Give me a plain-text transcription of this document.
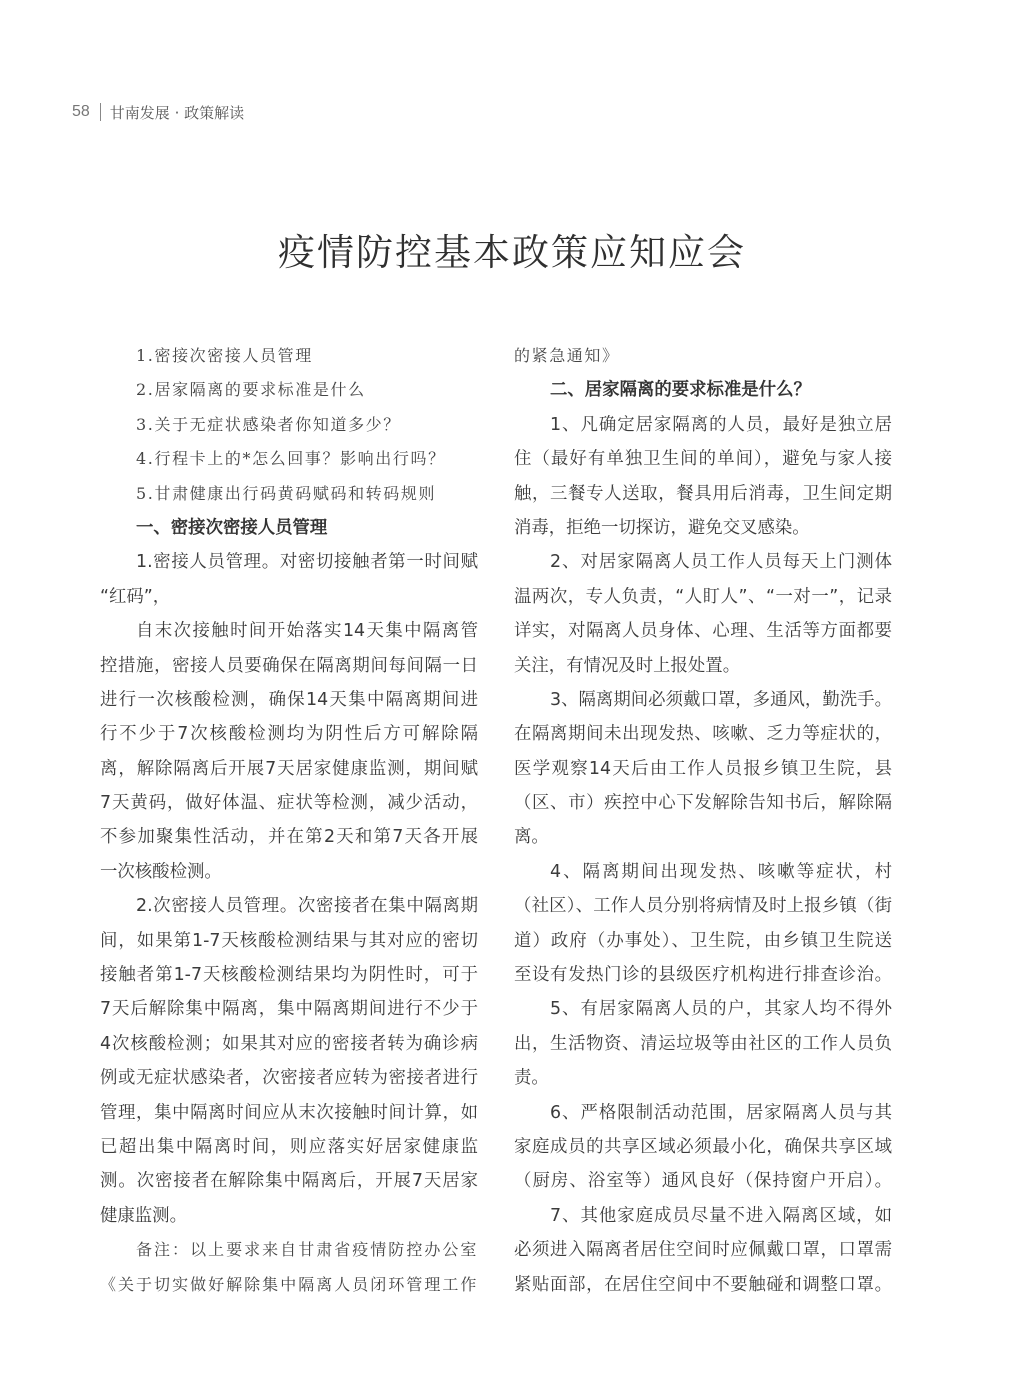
58 甘南发展 · 政策解读
疫情防控基本政策应知应会
1.密接次密接人员管理
2.居家隔离的要求标准是什么
3.关于无症状感染者你知道多少？
4.行程卡上的*怎么回事？影响出行吗？
5.甘肃健康出行码黄码赋码和转码规则
一、密接次密接人员管理
1.密接人员管理。对密切接触者第一时间赋
“红码”，
自末次接触时间开始落实14天集中隔离管
控措施，密接人员要确保在隔离期间每间隔一日
进行一次核酸检测，确保14天集中隔离期间进
行不少于7次核酸检测均为阴性后方可解除隔
离，解除隔离后开展7天居家健康监测，期间赋
7天黄码，做好体温、症状等检测，减少活动，
不参加聚集性活动，并在第2天和第7天各开展
一次核酸检测。
2.次密接人员管理。次密接者在集中隔离期
间，如果第1-7天核酸检测结果与其对应的密切
接触者第1-7天核酸检测结果均为阴性时，可于
7天后解除集中隔离，集中隔离期间进行不少于
4次核酸检测；如果其对应的密接者转为确诊病
例或无症状感染者，次密接者应转为密接者进行
管理，集中隔离时间应从末次接触时间计算，如
已超出集中隔离时间，则应落实好居家健康监
测。次密接者在解除集中隔离后，开展7天居家
健康监测。
备注：以上要求来自甘肃省疫情防控办公室
《关于切实做好解除集中隔离人员闭环管理工作
的紧急通知》
二、居家隔离的要求标准是什么？
1、凡确定居家隔离的人员，最好是独立居
住（最好有单独卫生间的单间），避免与家人接
触，三餐专人送取，餐具用后消毒，卫生间定期
消毒，拒绝一切探访，避免交叉感染。
2、对居家隔离人员工作人员每天上门测体
温两次，专人负责，“人盯人”、“一对一”，记录
详实，对隔离人员身体、心理、生活等方面都要
关注，有情况及时上报处置。
3、隔离期间必须戴口罩，多通风，勤洗手。
在隔离期间未出现发热、咳嗽、乏力等症状的，
医学观察14天后由工作人员报乡镇卫生院，县
（区、市）疾控中心下发解除告知书后，解除隔
离。
4、隔离期间出现发热、咳嗽等症状，村
（社区）、工作人员分别将病情及时上报乡镇（街
道）政府（办事处）、卫生院，由乡镇卫生院送
至设有发热门诊的县级医疗机构进行排查诊治。
5、有居家隔离人员的户，其家人均不得外
出，生活物资、清运垃圾等由社区的工作人员负
责。
6、严格限制活动范围，居家隔离人员与其
家庭成员的共享区域必须最小化，确保共享区域
（厨房、浴室等）通风良好（保持窗户开启）。
7、其他家庭成员尽量不进入隔离区域，如
必须进入隔离者居住空间时应佩戴口罩，口罩需
紧贴面部，在居住空间中不要触碰和调整口罩。
